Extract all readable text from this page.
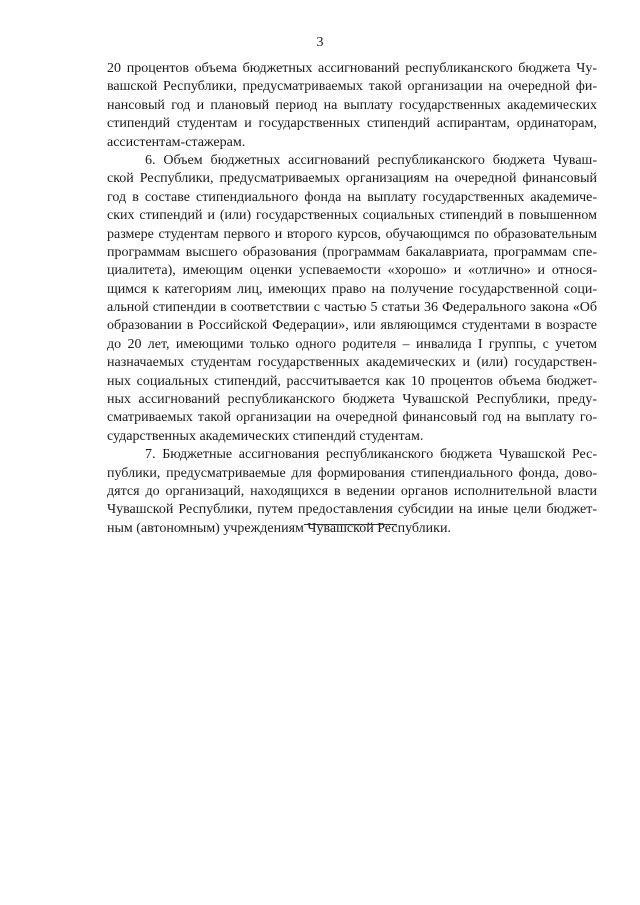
3
20 процентов объема бюджетных ассигнований республиканского бюджета Чу-
вашской Республики, предусматриваемых такой организации на очередной фи-
нансовый год и плановый период на выплату государственных академических
стипендий студентам и государственных стипендий аспирантам, ординаторам,
ассистентам-стажерам.
6. Объем бюджетных ассигнований республиканского бюджета Чуваш-
ской Республики, предусматриваемых организациям на очередной финансовый
год в составе стипендиального фонда на выплату государственных академиче-
ских стипендий и (или) государственных социальных стипендий в повышенном
размере студентам первого и второго курсов, обучающимся по образовательным
программам высшего образования (программам бакалавриата, программам спе-
циалитета), имеющим оценки успеваемости «хорошо» и «отлично» и относя-
щимся к категориям лиц, имеющих право на получение государственной соци-
альной стипендии в соответствии с частью 5 статьи 36 Федерального закона «Об
образовании в Российской Федерации», или являющимся студентами в возрасте
до 20 лет, имеющими только одного родителя – инвалида I группы, с учетом
назначаемых студентам государственных академических и (или) государствен-
ных социальных стипендий, рассчитывается как 10 процентов объема бюджет-
ных ассигнований республиканского бюджета Чувашской Республики, преду-
сматриваемых такой организации на очередной финансовый год на выплату го-
сударственных академических стипендий студентам.
7. Бюджетные ассигнования республиканского бюджета Чувашской Рес-
публики, предусматриваемые для формирования стипендиального фонда, дово-
дятся до организаций, находящихся в ведении органов исполнительной власти
Чувашской Республики, путем предоставления субсидии на иные цели бюджет-
ным (автономным) учреждениям Чувашской Республики.
